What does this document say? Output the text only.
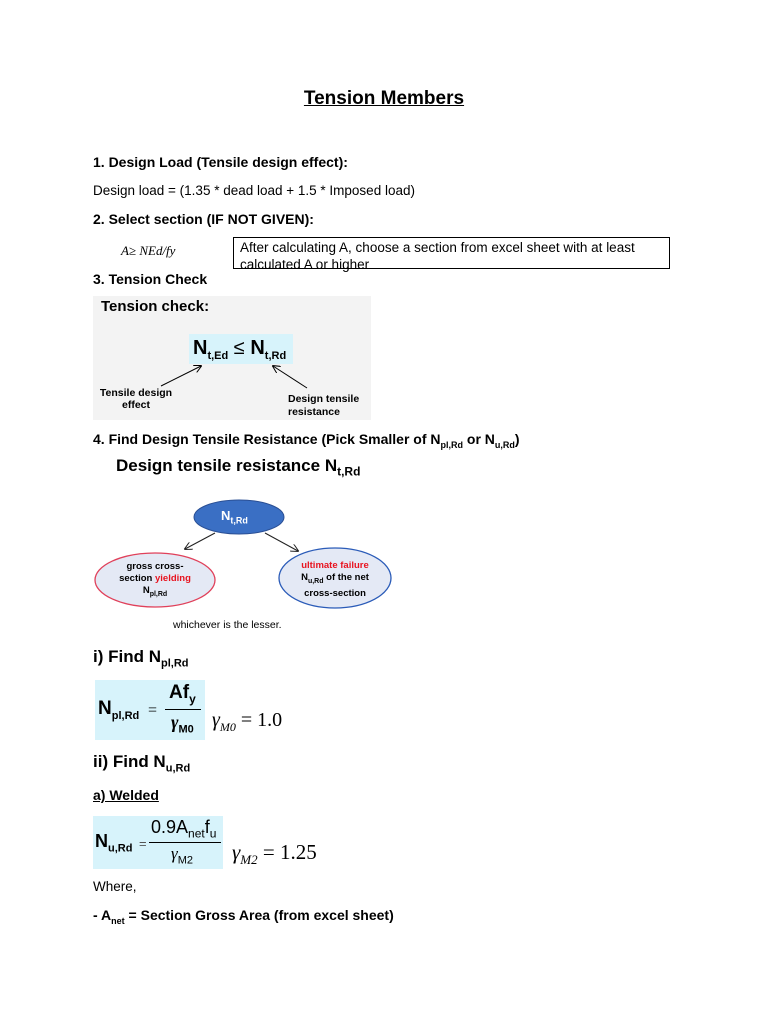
Tension Members
1. Design Load (Tensile design effect):
Design load = (1.35 * dead load + 1.5 * Imposed load)
2. Select section (IF NOT GIVEN):
A≥ NEd/fy	After calculating A, choose a section from excel sheet with at least calculated A or higher
3. Tension Check
Tension check:
$N_{t,Ed} \le N_{t,Rd}$
Tensile design
effect	Design tensile
resistance
4. Find Design Tensile Resistance (Pick Smaller of $N_{pl,Rd}$ or $N_{u,Rd}$)
Design tensile resistance $N_{t,Rd}$
$N_{t,Rd}$
gross cross-
section yielding
$N_{pl,Rd}$
ultimate failure
$N_{u,Rd}$ of the net
cross-section
whichever is the lesser.
i) Find $N_{pl,Rd}$
$N_{pl,Rd}$ =
$Af_y$
$\gamma_{M0}$ $\gamma_{M0} = 1.0$
ii) Find $N_{u,Rd}$
a) Welded
$N_{u,Rd}$ =
$0.9A_{net}f_u$
$\gamma_{M2}$ $\gamma_{M2} = 1.25$
Where,
- $A_{net}$ = Section Gross Area (from excel sheet)
